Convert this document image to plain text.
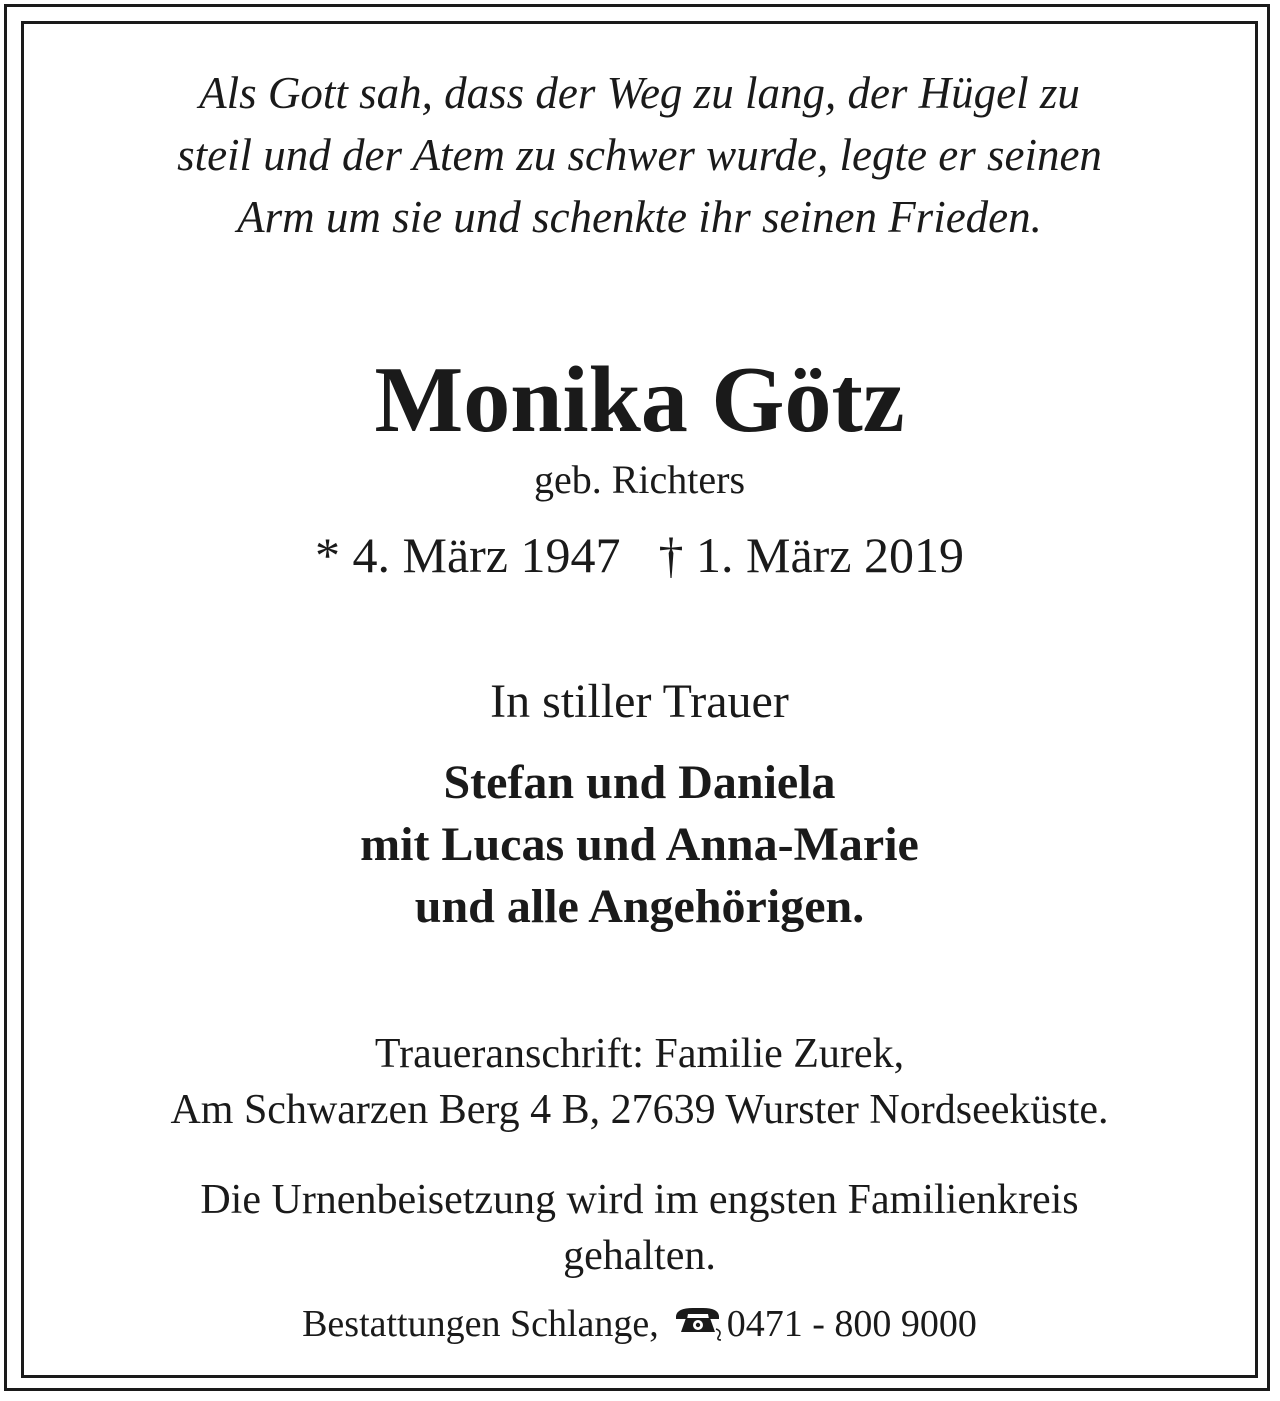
Als Gott sah, dass der Weg zu lang, der Hügel zu
steil und der Atem zu schwer wurde, legte er seinen
Arm um sie und schenkte ihr seinen Frieden.
Monika Götz
geb. Richters
* 4. März 1947 † 1. März 2019
In stiller Trauer
Stefan und Daniela
mit Lucas und Anna-Marie
und alle Angehörigen.
Traueranschrift: Familie Zurek,
Am Schwarzen Berg 4 B, 27639 Wurster Nordseeküste.
Die Urnenbeisetzung wird im engsten Familienkreis
gehalten.
Bestattungen Schlange, 0471 - 800 9000
